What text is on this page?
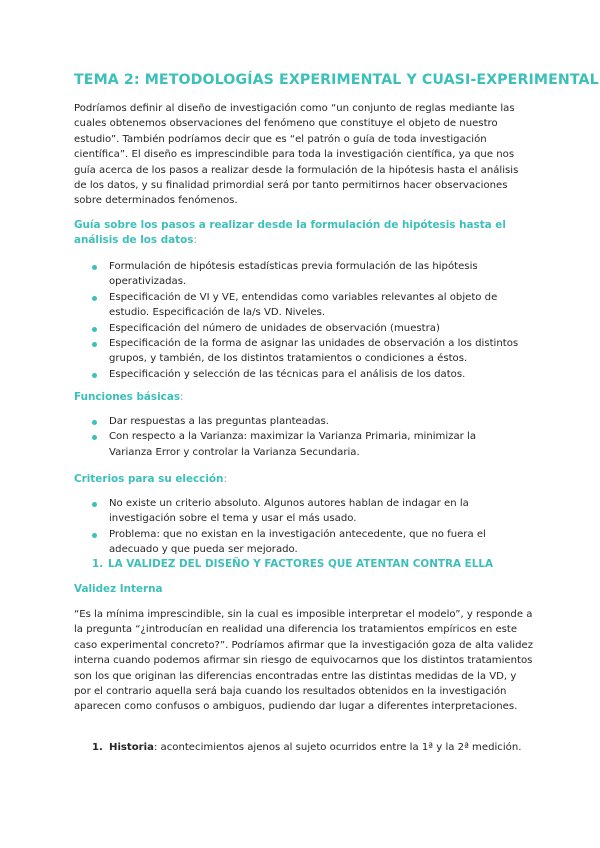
TEMA 2: METODOLOGÍAS EXPERIMENTAL Y CUASI-EXPERIMENTAL
Podríamos definir al diseño de investigación como “un conjunto de reglas mediante las cuales obtenemos observaciones del fenómeno que constituye el objeto de nuestro estudio”. También podríamos decir que es “el patrón o guía de toda investigación científica”. El diseño es imprescindible para toda la investigación científica, ya que nos guía acerca de los pasos a realizar desde la formulación de la hipótesis hasta el análisis de los datos, y su finalidad primordial será por tanto permitirnos hacer observaciones sobre determinados fenómenos.
Guía sobre los pasos a realizar desde la formulación de hipótesis hasta el análisis de los datos:
Formulación de hipótesis estadísticas previa formulación de las hipótesis operativizadas.
Especificación de VI y VE, entendidas como variables relevantes al objeto de estudio. Especificación de la/s VD. Niveles.
Especificación del número de unidades de observación (muestra)
Especificación de la forma de asignar las unidades de observación a los distintos grupos, y también, de los distintos tratamientos o condiciones a éstos.
Especificación y selección de las técnicas para el análisis de los datos.
Funciones básicas:
Dar respuestas a las preguntas planteadas.
Con respecto a la Varianza: maximizar la Varianza Primaria, minimizar la Varianza Error y controlar la Varianza Secundaria.
Criterios para su elección:
No existe un criterio absoluto. Algunos autores hablan de indagar en la investigación sobre el tema y usar el más usado.
Problema: que no existan en la investigación antecedente, que no fuera el adecuado y que pueda ser mejorado.
1. LA VALIDEZ DEL DISEÑO Y FACTORES QUE ATENTAN CONTRA ELLA
Validez Interna
“Es la mínima imprescindible, sin la cual es imposible interpretar el modelo”, y responde a la pregunta “¿introducían en realidad una diferencia los tratamientos empíricos en este caso experimental concreto?”. Podríamos afirmar que la investigación goza de alta validez interna cuando podemos afirmar sin riesgo de equivocarnos que los distintos tratamientos son los que originan las diferencias encontradas entre las distintas medidas de la VD, y por el contrario aquella será baja cuando los resultados obtenidos en la investigación aparecen como confusos o ambiguos, pudiendo dar lugar a diferentes interpretaciones.
1. Historia: acontecimientos ajenos al sujeto ocurridos entre la 1ª y la 2ª medición.
